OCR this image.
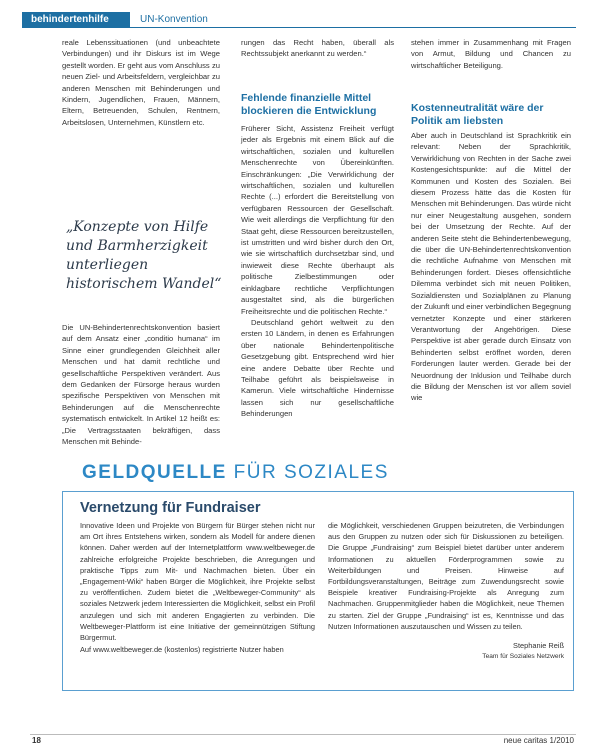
behindertenhilfe	UN-Konvention

reale Lebenssituationen (und unbeachtete Verbindungen) und ihr Diskurs ist im Wege gestellt worden. Er geht aus vom Anschluss zu neuen Ziel- und Arbeitsfeldern, vergleichbar zu anderen Menschen mit Behinderungen und Kindern, Jugendlichen, Frauen, Männern, Eltern, Betreuenden, Schulen, Rentnern, Arbeitslosen, Unternehmen, Künstlern etc.

„Konzepte von Hilfe und Barmherzigkeit unterliegen historischem Wandel“

Die UN-Behindertenrechtskonvention basiert auf dem Ansatz einer „conditio humana“ im Sinne einer grundlegenden Gleichheit aller Menschen und hat damit rechtliche und gesellschaftliche Perspektiven verändert. Aus dem Gedanken der Fürsorge heraus wurden spezifische Perspektiven von Menschen mit Behinderungen auf die Menschenrechte systematisch entwickelt. In Artikel 12 heißt es: „Die Vertragsstaaten bekräftigen, dass Menschen mit Behinde-

rungen das Recht haben, überall als Rechtssubjekt anerkannt zu werden.“

Fehlende finanzielle Mittel blockieren die Entwicklung

Früherer Sicht, Assistenz Freiheit verfügt jeder als Ergebnis mit einem Blick auf die wirtschaftlichen, sozialen und kulturellen Menschenrechte von Übereinkünften. Einschränkungen: „Die Verwirklichung der wirtschaftlichen, sozialen und kulturellen Rechte (...) erfordert die Bereitstellung von verfügbaren Ressourcen der Gesellschaft. Wie weit allerdings die Verpflichtung für den Staat geht, diese Ressourcen bereitzustellen, ist umstritten und wird bisher durch den Ort, wie sie wirtschaftlich durchsetzbar sind, und inwieweit diese Rechte überhaupt als politische Zielbestimmungen oder einklagbare rechtliche Verpflichtungen ausgestaltet sind, als die bürgerlichen Freiheitsrechte und die politischen Rechte.“

Deutschland gehört weltweit zu den ersten 10 Ländern, in denen es Erfahrungen über nationale Behindertenpolitische Gesetzgebung gibt. Entsprechend wird hier eine andere Debatte über Rechte und Teilhabe geführt als beispielsweise in Kamerun. Viele wirtschaftliche Hindernisse lassen sich nur gesellschaftliche Behinderungen

stehen immer in Zusammenhang mit Fragen von Armut, Bildung und Chancen zu wirtschaftlicher Beteiligung.

Kostenneutralität wäre der Politik am liebsten

Aber auch in Deutschland ist Sprachkritik ein relevant: Neben der Sprachkritik, Verwirklichung von Rechten in der Sache zwei Kostengesichtspunkte: auf die Mittel der Kommunen und Kosten des Sozialen. Bei diesem Prozess hätte das die Kosten für Menschen mit Behinderungen. Das würde nicht nur einer Neugestaltung ausgehen, sondern bei der Umsetzung der Rechte. Auf der anderen Seite steht die Behindertenbewegung, die über die UN-Behindertenrechtskonvention die rechtliche Aufnahme von Menschen mit Behinderungen fordert. Dieses offensichtliche Dilemma verbindet sich mit neuen Politiken, Sozialdiensten und Sozialplänen zu Planung der Zukunft und einer verbindlichen Begegnung vernetzter Konzepte und einer stärkeren Verantwortung der Angehörigen. Diese Perspektive ist aber gerade durch Einsatz von Behinderten selbst eröffnet worden, deren Forderungen lauter werden. Gerade bei der Neuordnung der Inklusion und Teilhabe durch die Bildung der Menschen ist vor allem soviel wie

GELDQUELLE FÜR SOZIALES
Vernetzung für Fundraiser
Innovative Ideen und Projekte von Bürgern für Bürger stehen nicht nur am Ort ihres Entstehens wirken, sondern als Modell für andere dienen können. Daher werden auf der Internetplattform www.weltbeweger.de zahlreiche erfolgreiche Projekte beschrieben, die Anregungen und praktische Tipps zum Mit- und Nachmachen bieten. Über ein „Engagement-Wiki“ haben Bürger die Möglichkeit, ihre Projekte selbst zu veröffentlichen. Zudem bietet die „Weltbeweger-Community“ als soziales Netzwerk jedem Interessierten die Möglichkeit, selbst ein Profil anzulegen und sich mit anderen Engagierten zu verbinden. Die Weltbeweger-Plattform ist eine Initiative der gemeinnützigen Stiftung Bürgermut.
Auf www.weltbeweger.de (kostenlos) registrierte Nutzer haben
die Möglichkeit, verschiedenen Gruppen beizutreten, die Verbindungen aus den Gruppen zu nutzen oder sich für Diskussionen zu beteiligen. Die Gruppe „Fundraising“ zum Beispiel bietet darüber unter anderem Informationen zu aktuellen Förderprogrammen sowie zu Weiterbildungen und Preisen. Hinweise auf Fortbildungsveranstaltungen, Beiträge zum Zuwendungsrecht sowie Beispiele kreativer Fundraising-Projekte als Anregung zum Nachmachen. Gruppenmitglieder haben die Möglichkeit, neue Themen zu starten. Ziel der Gruppe „Fundraising“ ist es, Kenntnisse und das Nutzen Informationen auszutauschen und Wissen zu teilen.
Stephanie Reiß
Team für Soziales Netzwerk
18	neue caritas 1/2010
